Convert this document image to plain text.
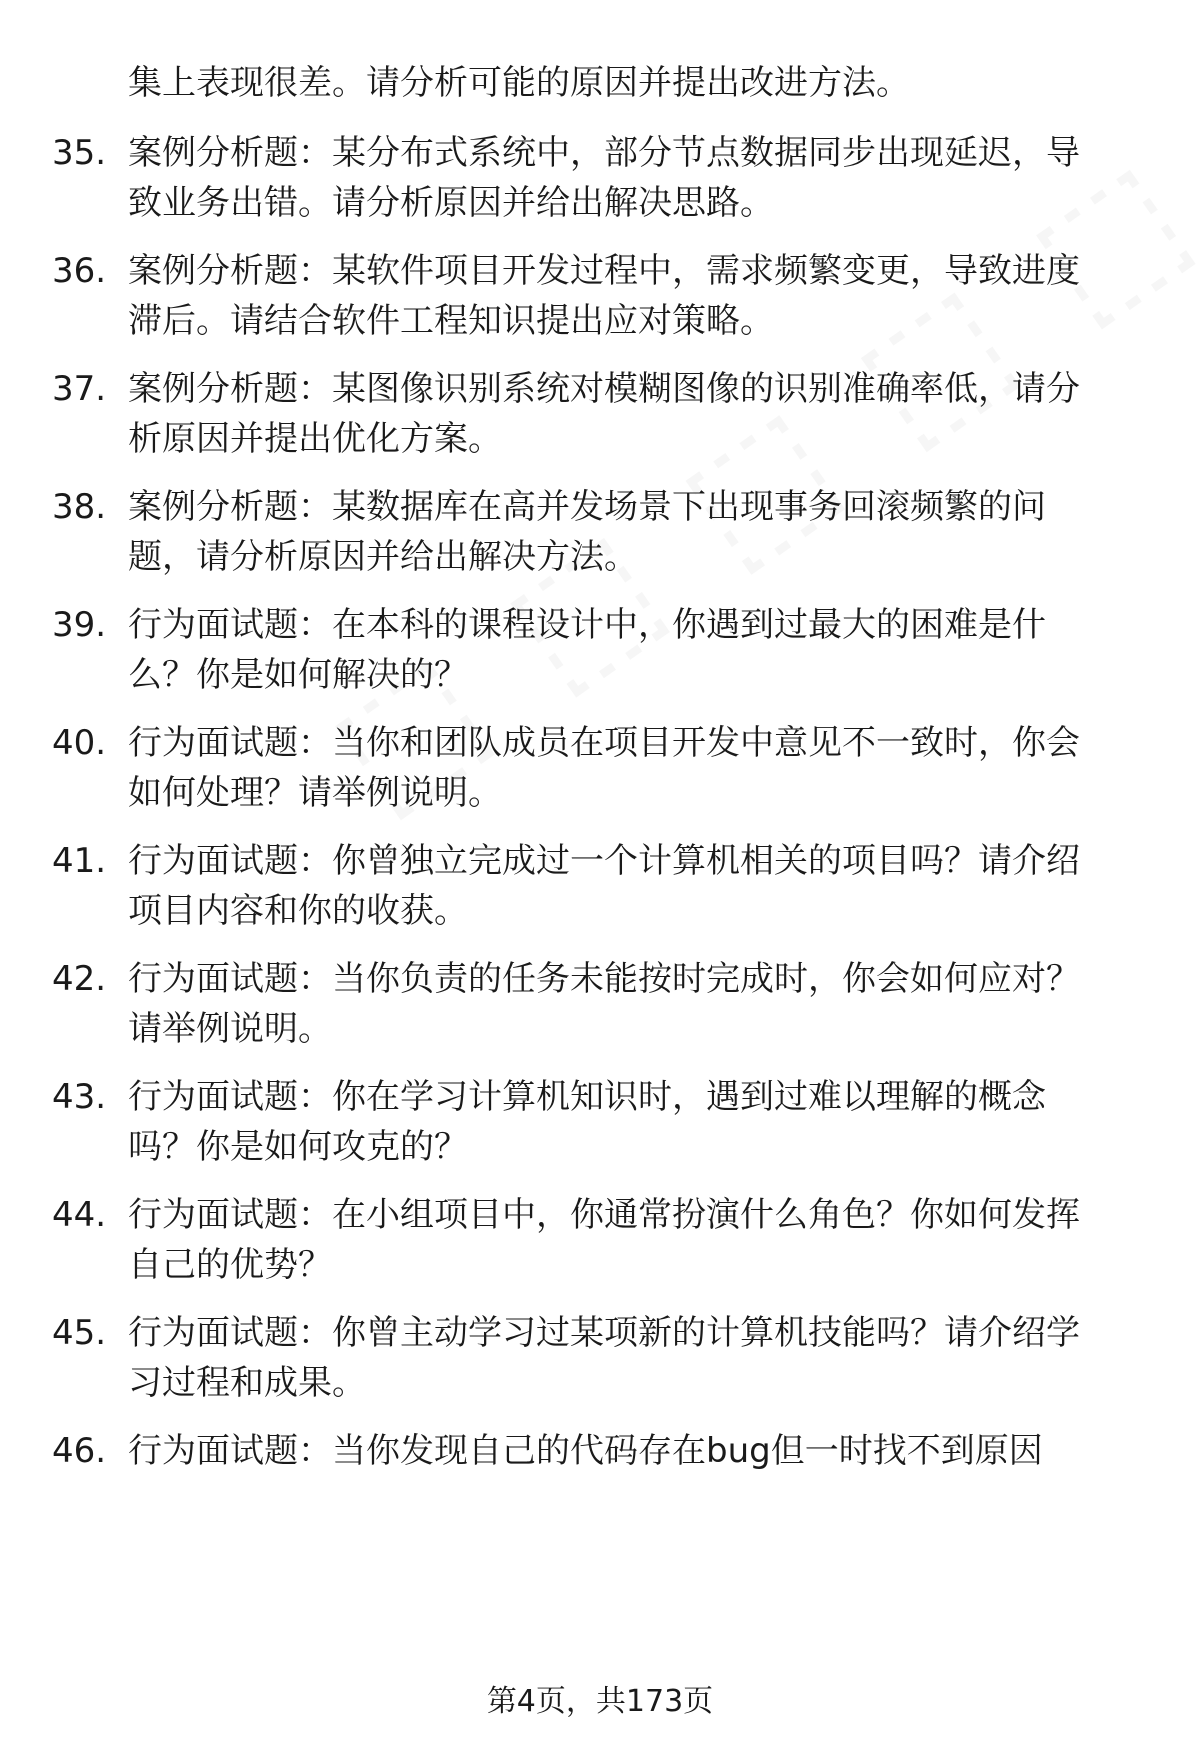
集上表现很差。请分析可能的原因并提出改进方法。
35. 案例分析题：某分布式系统中，部分节点数据同步出现延迟，导
致业务出错。请分析原因并给出解决思路。
36. 案例分析题：某软件项目开发过程中，需求频繁变更，导致进度
滞后。请结合软件工程知识提出应对策略。
37. 案例分析题：某图像识别系统对模糊图像的识别准确率低，请分
析原因并提出优化方案。
38. 案例分析题：某数据库在高并发场景下出现事务回滚频繁的问
题，请分析原因并给出解决方法。
39. 行为面试题：在本科的课程设计中，你遇到过最大的困难是什
么？你是如何解决的？
40. 行为面试题：当你和团队成员在项目开发中意见不一致时，你会
如何处理？请举例说明。
41. 行为面试题：你曾独立完成过一个计算机相关的项目吗？请介绍
项目内容和你的收获。
42. 行为面试题：当你负责的任务未能按时完成时，你会如何应对？
请举例说明。
43. 行为面试题：你在学习计算机知识时，遇到过难以理解的概念
吗？你是如何攻克的？
44. 行为面试题：在小组项目中，你通常扮演什么角色？你如何发挥
自己的优势？
45. 行为面试题：你曾主动学习过某项新的计算机技能吗？请介绍学
习过程和成果。
46. 行为面试题：当你发现自己的代码存在bug但一时找不到原因
第4页，共173页
